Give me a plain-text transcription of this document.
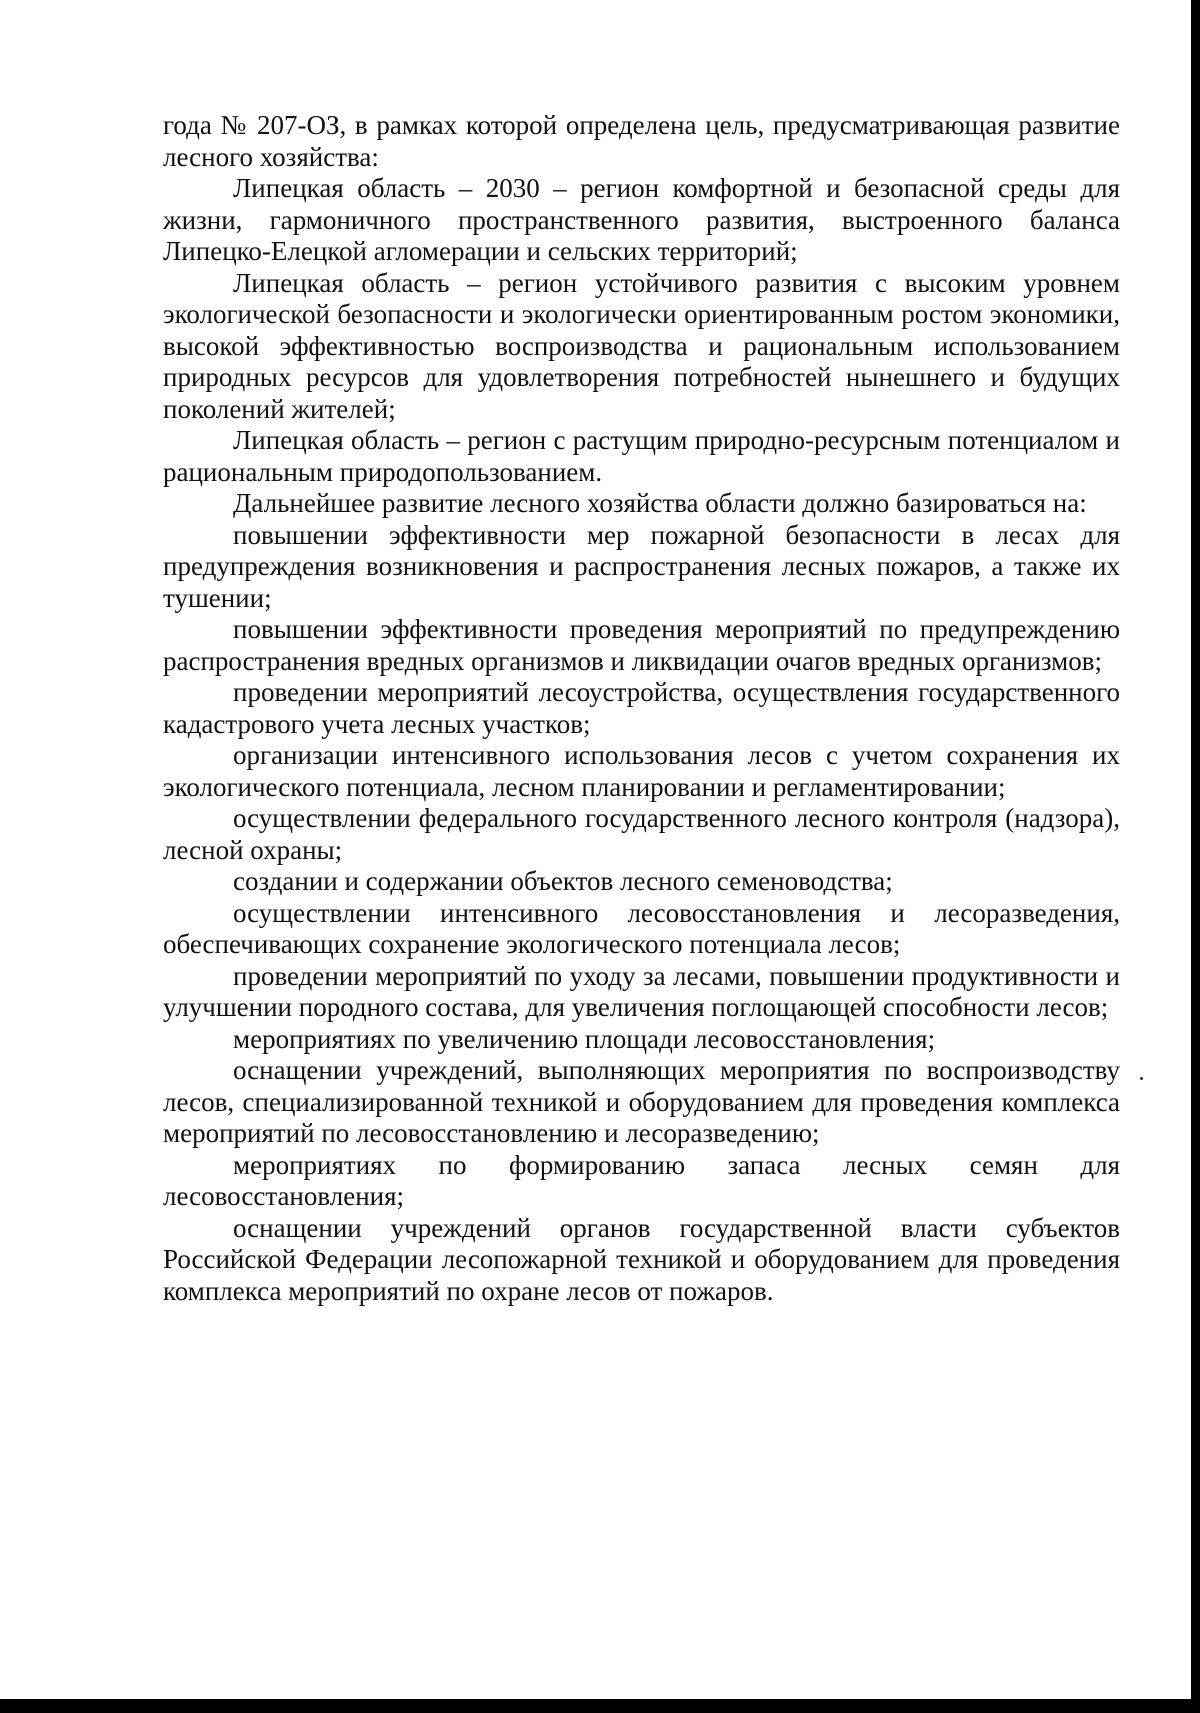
года № 207-ОЗ, в рамках которой определена цель, предусматривающая развитие лесного хозяйства:

Липецкая область – 2030 – регион комфортной и безопасной среды для жизни, гармоничного пространственного развития, выстроенного баланса Липецко-Елецкой агломерации и сельских территорий;

Липецкая область – регион устойчивого развития с высоким уровнем экологической безопасности и экологически ориентированным ростом экономики, высокой эффективностью воспроизводства и рациональным использованием природных ресурсов для удовлетворения потребностей нынешнего и будущих поколений жителей;

Липецкая область – регион с растущим природно-ресурсным потенциалом и рациональным природопользованием.

Дальнейшее развитие лесного хозяйства области должно базироваться на:

повышении эффективности мер пожарной безопасности в лесах для предупреждения возникновения и распространения лесных пожаров, а также их тушении;

повышении эффективности проведения мероприятий по предупреждению распространения вредных организмов и ликвидации очагов вредных организмов;

проведении мероприятий лесоустройства, осуществления государственного кадастрового учета лесных участков;

организации интенсивного использования лесов с учетом сохранения их экологического потенциала, лесном планировании и регламентировании;

осуществлении федерального государственного лесного контроля (надзора), лесной охраны;

создании и содержании объектов лесного семеноводства;

осуществлении интенсивного лесовосстановления и лесоразведения, обеспечивающих сохранение экологического потенциала лесов;

проведении мероприятий по уходу за лесами, повышении продуктивности и улучшении породного состава, для увеличения поглощающей способности лесов;

мероприятиях по увеличению площади лесовосстановления;

оснащении учреждений, выполняющих мероприятия по воспроизводству лесов, специализированной техникой и оборудованием для проведения комплекса мероприятий по лесовосстановлению и лесоразведению;

мероприятиях по формированию запаса лесных семян для лесовосстановления;

оснащении учреждений органов государственной власти субъектов Российской Федерации лесопожарной техникой и оборудованием для проведения комплекса мероприятий по охране лесов от пожаров.
